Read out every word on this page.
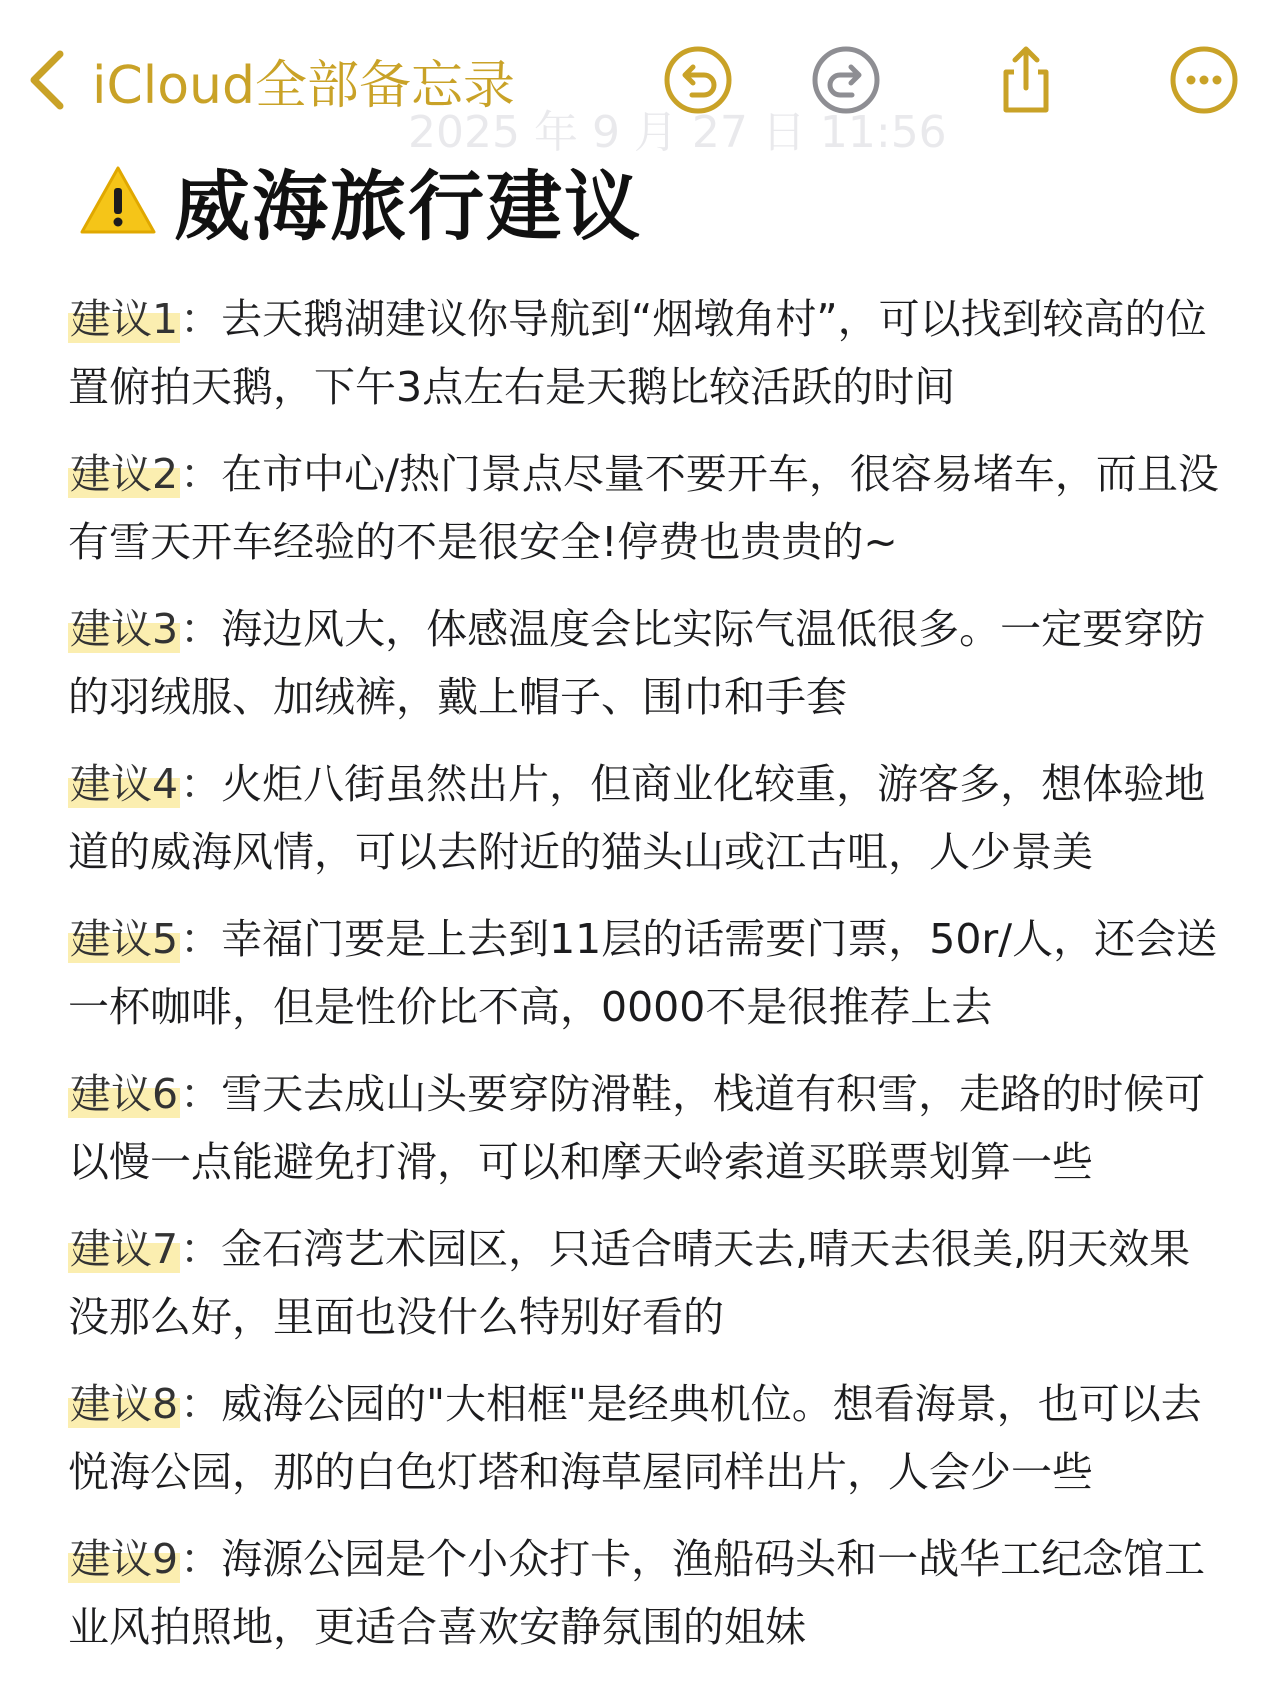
iCloud全部备忘录
2025 年 9 月 27 日 11:56
威海旅行建议
建议1：去天鹅湖建议你导航到“烟墩角村”，可以找到较高的位置俯拍天鹅，下午3点左右是天鹅比较活跃的时间
建议2：在市中心/热门景点尽量不要开车，很容易堵车，而且没有雪天开车经验的不是很安全!停费也贵贵的~
建议3：海边风大，体感温度会比实际气温低很多。一定要穿防的羽绒服、加绒裤，戴上帽子、围巾和手套
建议4：火炬八街虽然出片，但商业化较重，游客多，想体验地道的威海风情，可以去附近的猫头山或江古咀，人少景美
建议5：幸福门要是上去到11层的话需要门票，50r/人，还会送一杯咖啡，但是性价比不高，0000不是很推荐上去
建议6：雪天去成山头要穿防滑鞋，栈道有积雪，走路的时候可以慢一点能避免打滑，可以和摩天岭索道买联票划算一些
建议7：金石湾艺术园区，只适合晴天去,晴天去很美,阴天效果没那么好，里面也没什么特别好看的
建议8：威海公园的"大相框"是经典机位。想看海景，也可以去悦海公园，那的白色灯塔和海草屋同样出片，人会少一些
建议9：海源公园是个小众打卡，渔船码头和一战华工纪念馆工业风拍照地，更适合喜欢安静氛围的姐妹
